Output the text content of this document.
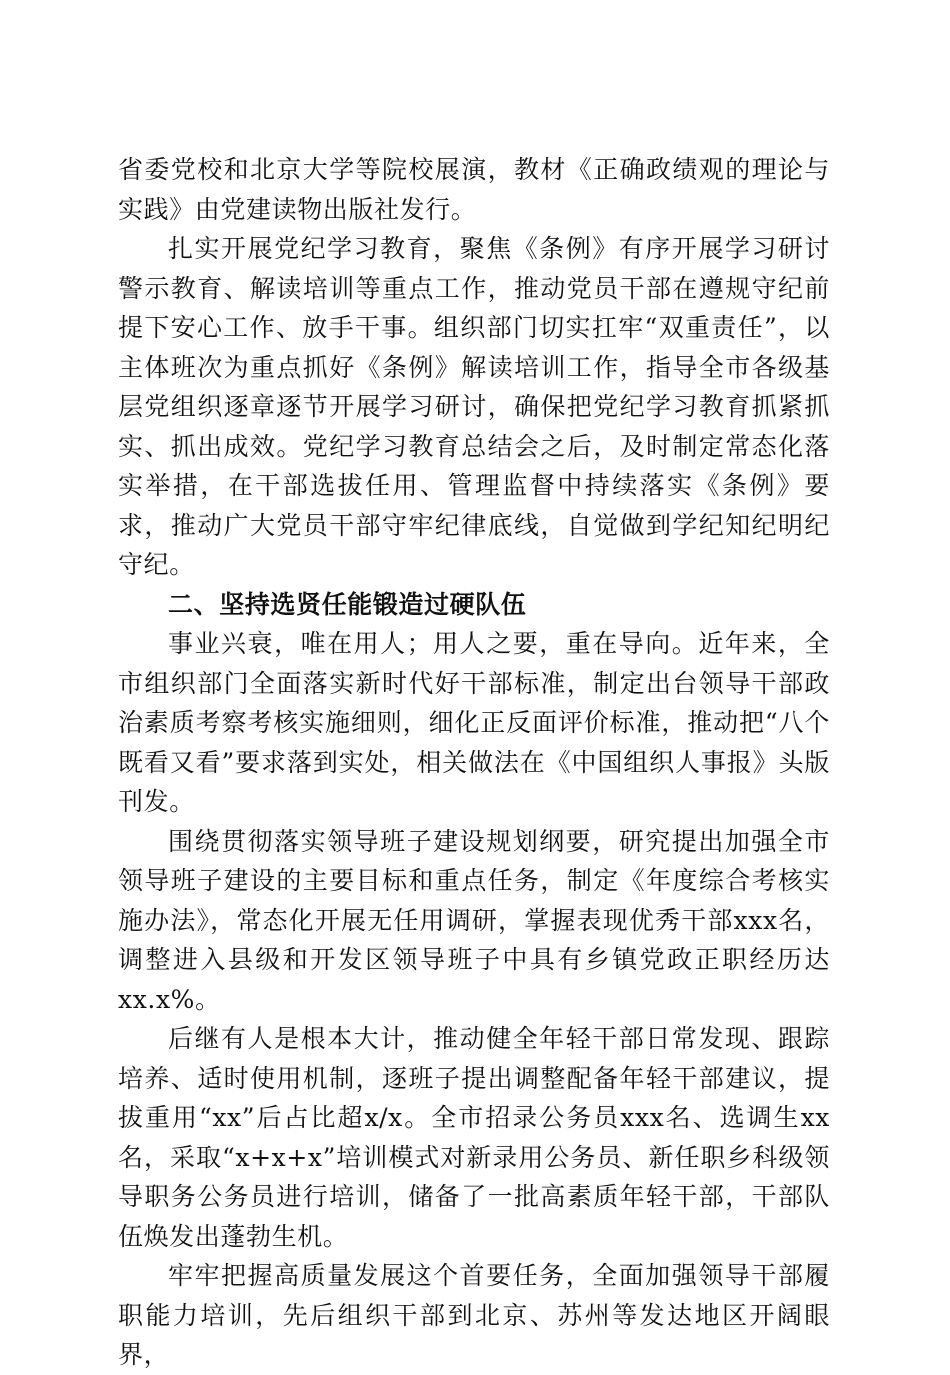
省委党校和北京大学等院校展演，教材《正确政绩观的理论与实践》由党建读物出版社发行。

扎实开展党纪学习教育，聚焦《条例》有序开展学习研讨警示教育、解读培训等重点工作，推动党员干部在遵规守纪前提下安心工作、放手干事。组织部门切实扛牢“双重责任”，以主体班次为重点抓好《条例》解读培训工作，指导全市各级基层党组织逐章逐节开展学习研讨，确保把党纪学习教育抓紧抓实、抓出成效。党纪学习教育总结会之后，及时制定常态化落实举措，在干部选拔任用、管理监督中持续落实《条例》要求，推动广大党员干部守牢纪律底线，自觉做到学纪知纪明纪守纪。

二、坚持选贤任能锻造过硬队伍

事业兴衰，唯在用人；用人之要，重在导向。近年来，全市组织部门全面落实新时代好干部标准，制定出台领导干部政治素质考察考核实施细则，细化正反面评价标准，推动把“八个既看又看”要求落到实处，相关做法在《中国组织人事报》头版刊发。

围绕贯彻落实领导班子建设规划纲要，研究提出加强全市领导班子建设的主要目标和重点任务，制定《年度综合考核实施办法》，常态化开展无任用调研，掌握表现优秀干部xxx名，调整进入县级和开发区领导班子中具有乡镇党政正职经历达xx.x%。

后继有人是根本大计，推动健全年轻干部日常发现、跟踪培养、适时使用机制，逐班子提出调整配备年轻干部建议，提拔重用“xx”后占比超x/x。全市招录公务员xxx名、选调生xx名，采取“x+x+x”培训模式对新录用公务员、新任职乡科级领导职务公务员进行培训，储备了一批高素质年轻干部，干部队伍焕发出蓬勃生机。

牢牢把握高质量发展这个首要任务，全面加强领导干部履职能力培训，先后组织干部到北京、苏州等发达地区开阔眼界，
